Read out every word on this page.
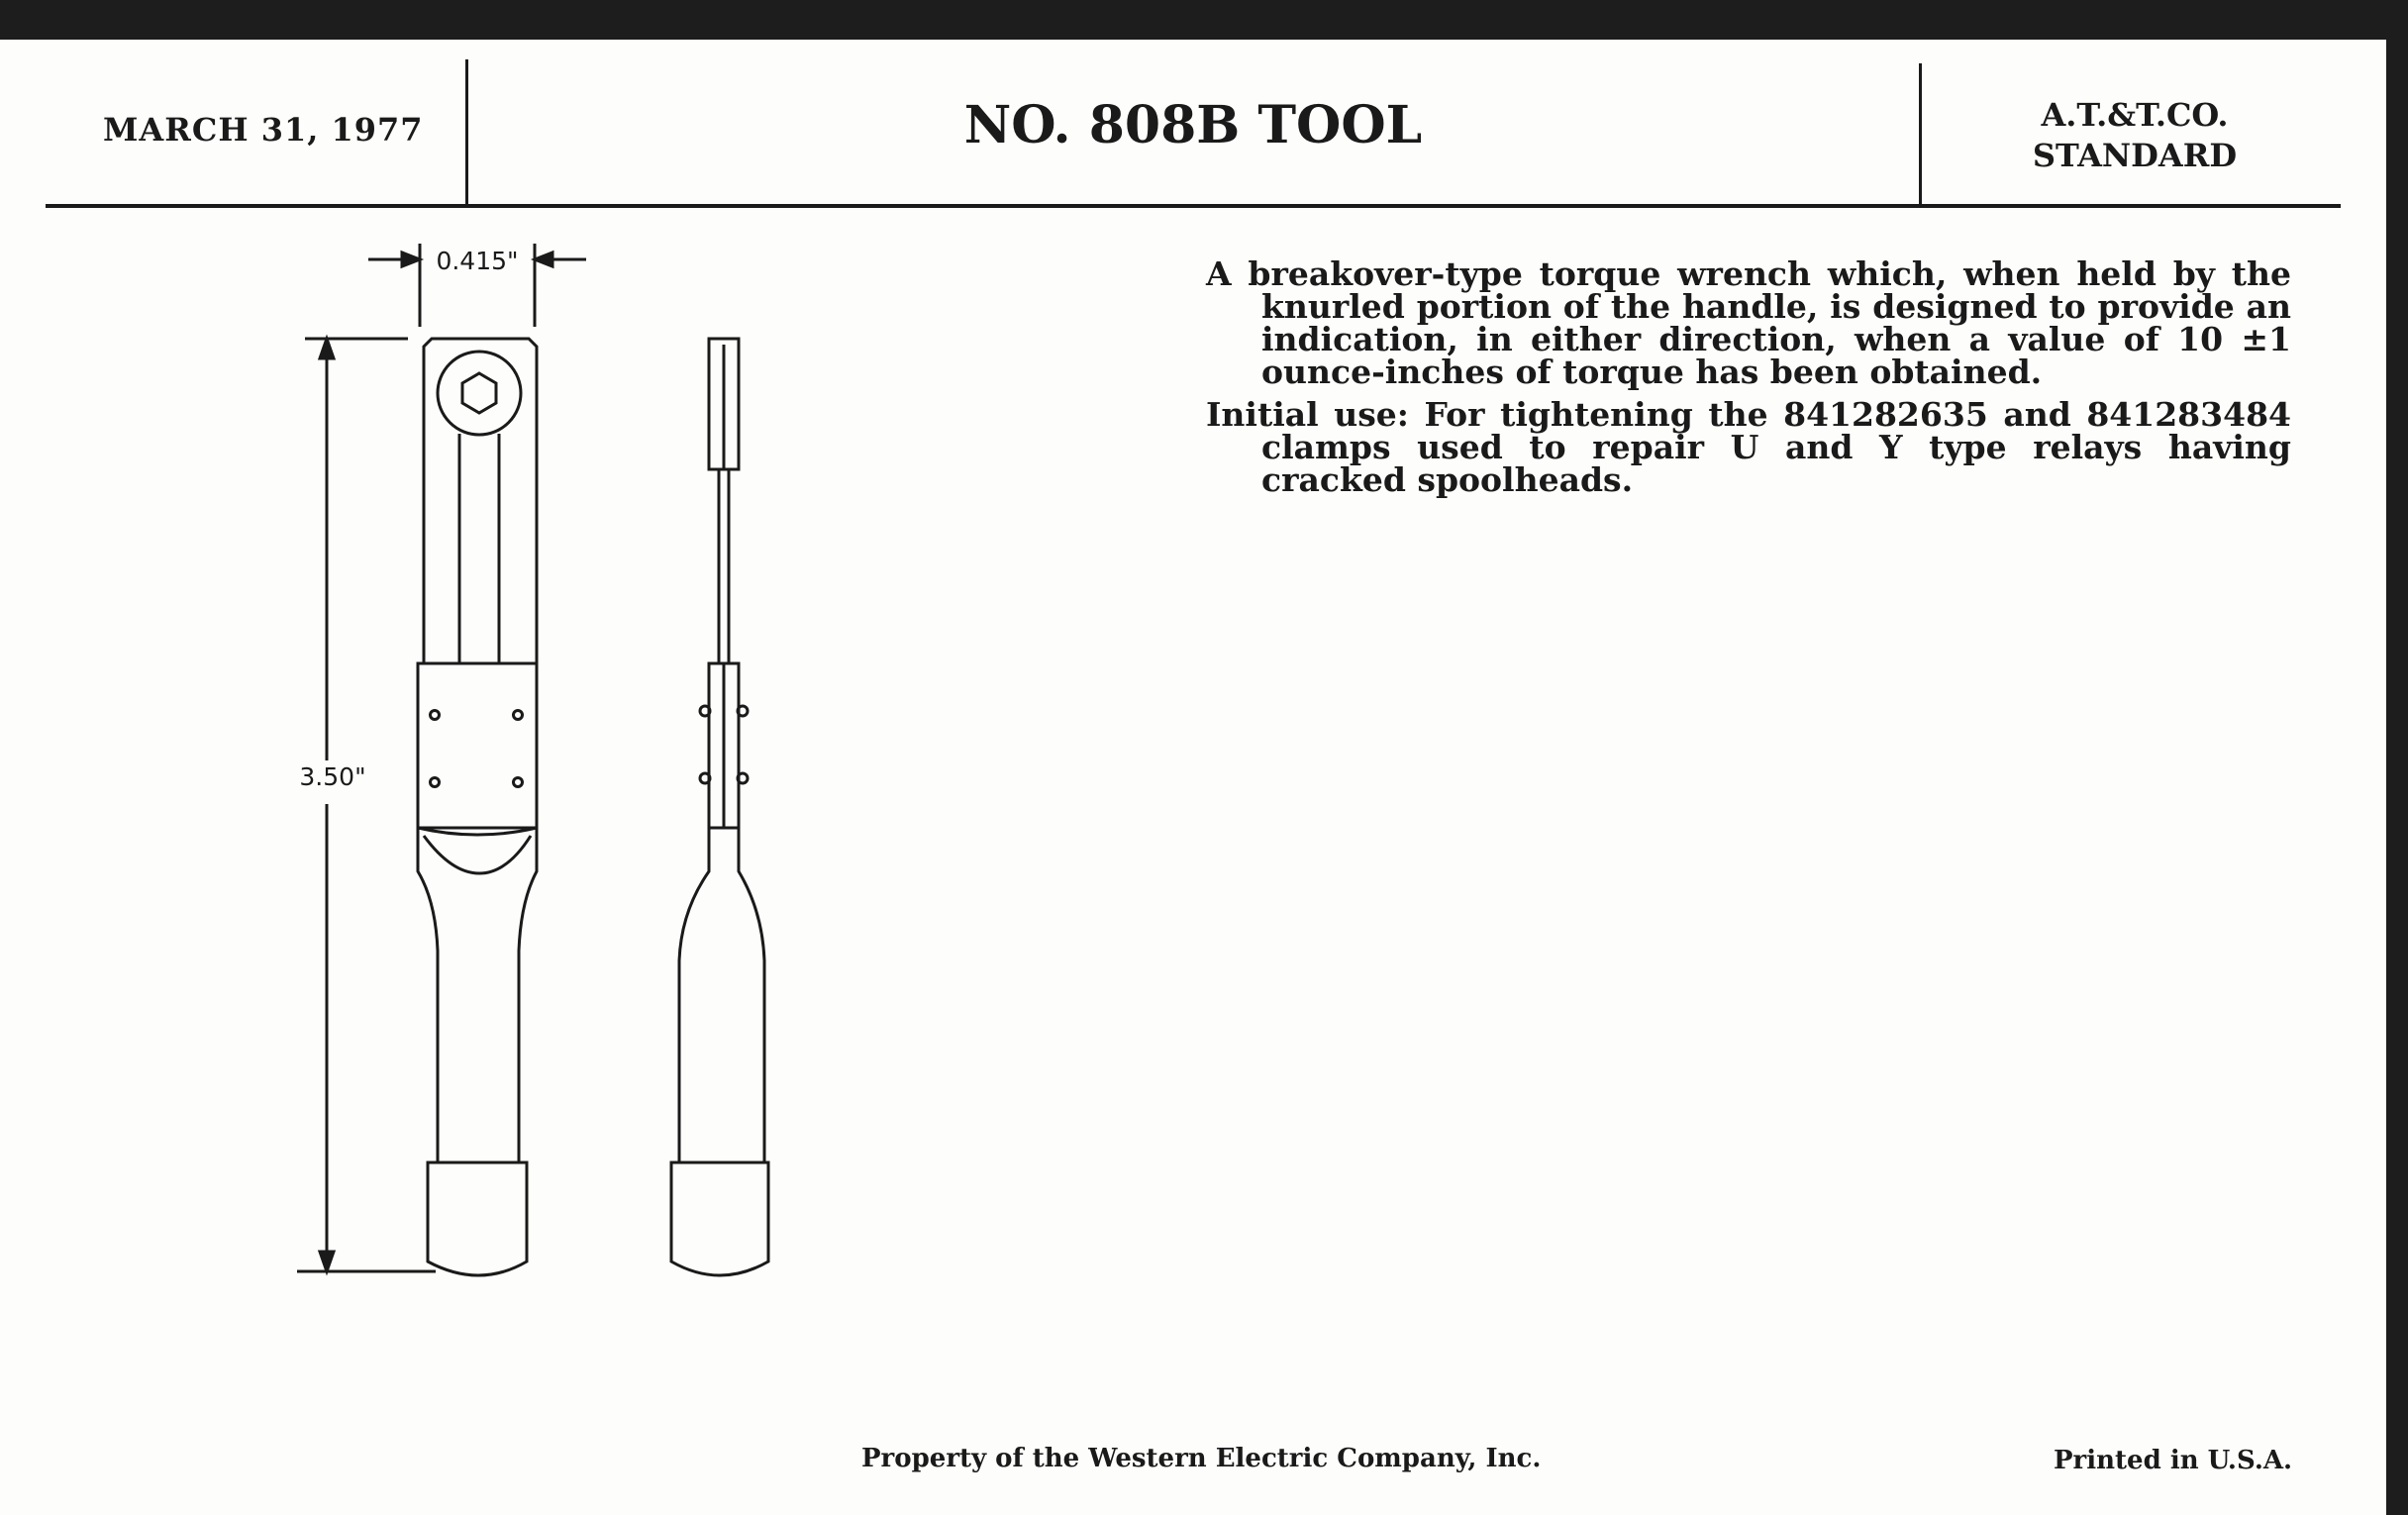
MARCH 31, 1977	NO. 808B TOOL	A.T.&T.CO.
STANDARD
0.415"
3.50"

A breakover-type torque wrench which, when held by the knurled portion of the handle, is designed to provide an indication, in either direction, when a value of 10 ±1 ounce-inches of torque has been obtained.

Initial use: For tightening the 841282635 and 841283484 clamps used to repair U and Y type relays having cracked spoolheads.

Property of the Western Electric Company, Inc.	Printed in U.S.A.
